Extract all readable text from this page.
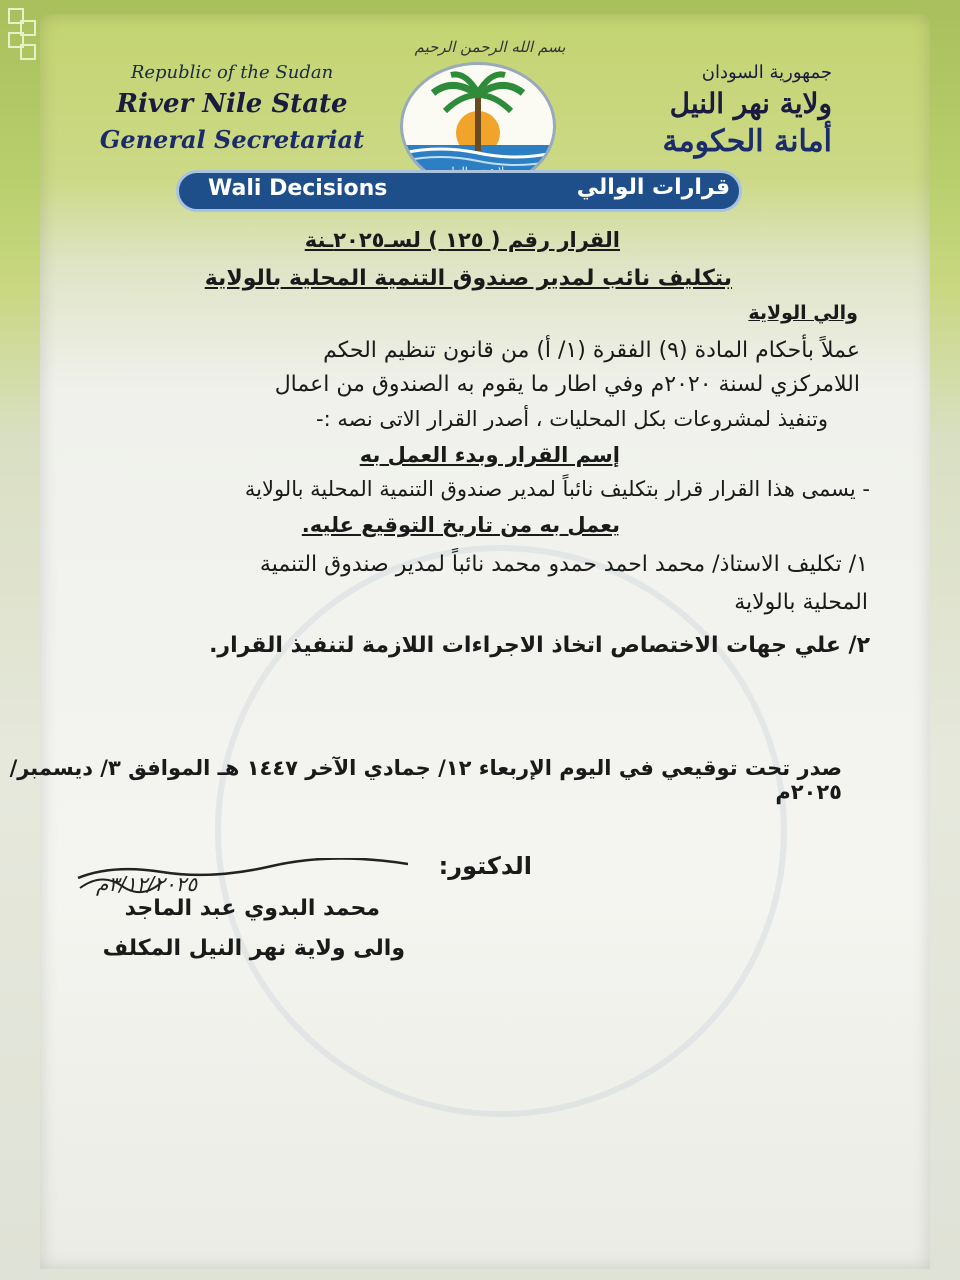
Republic of the Sudan
River Nile State
General Secretariat
بسم الله الرحمن الرحيم
جمهورية السودان
ولاية نهر النيل
أمانة الحكومة
Wali Decisions	قرارات الوالي
القرار رقم ( ١٢٥ ) لسـ٢٠٢٥ـنة
بتكليف نائب لمدير صندوق التنمية المحلية بالولاية
والي الولاية
عملاً بأحكام المادة (٩) الفقرة (١/ أ) من قانون تنظيم الحكم
اللامركزي لسنة ٢٠٢٠م وفي اطار ما يقوم به الصندوق من اعمال
وتنفيذ لمشروعات بكل المحليات ، أصدر القرار الاتى نصه :-
إسم القرار وبدء العمل به
- يسمى هذا القرار قرار بتكليف نائباً لمدير صندوق التنمية المحلية بالولاية
يعمل به من تاريخ التوقيع عليه.
١/ تكليف الاستاذ/ محمد احمد حمدو محمد نائباً لمدير صندوق التنمية
المحلية بالولاية
٢/ علي جهات الاختصاص اتخاذ الاجراءات اللازمة لتنفيذ القرار.
صدر تحت توقيعي في اليوم الإربعاء ١٢/ جمادي الآخر ١٤٤٧ هـ الموافق ٣/ ديسمبر/ ٢٠٢٥م
الدكتور:
٣/١٢/٢٠٢٥م
محمد البدوي عبد الماجد
والى ولاية نهر النيل المكلف
